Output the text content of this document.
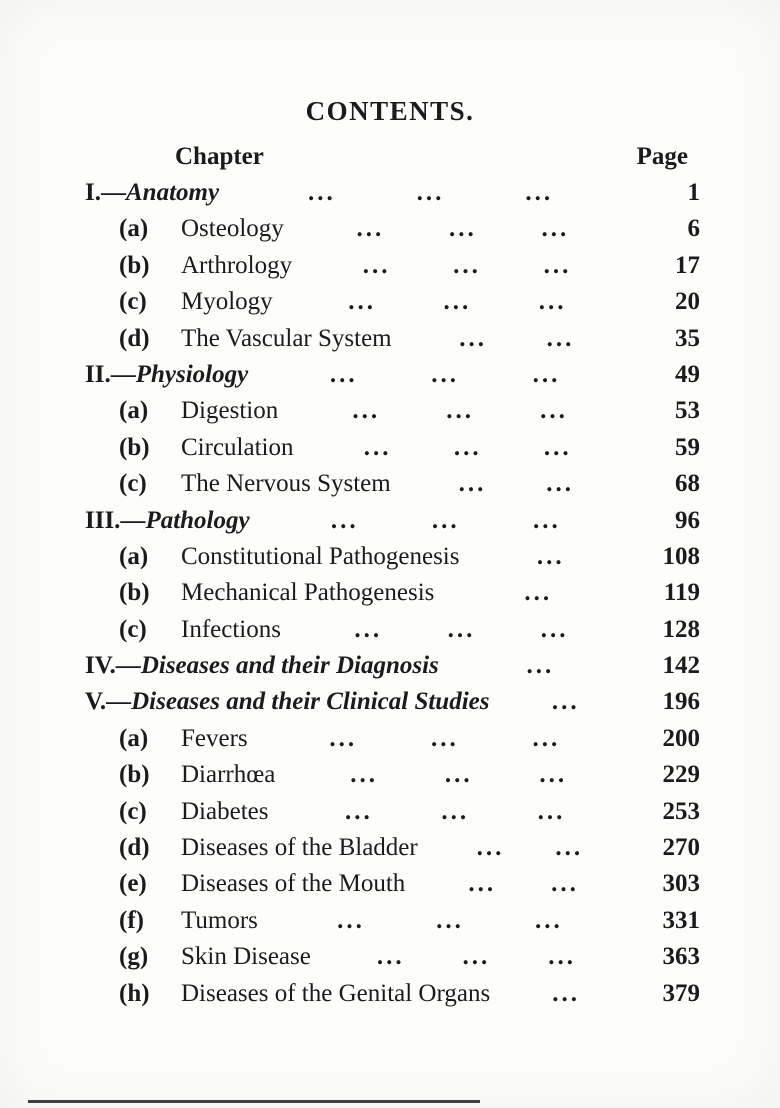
CONTENTS.
Chapter	Page
I.— Anatomy	...	...	...	1
(a)	Osteology	...	...	...	6
(b)	Arthrology	...	...	...	17
(c)	Myology	...	...	...	20
(d)	The Vascular System	... ...	35
II.— Physiology	...	...	...	49
(a)	Digestion	...	...	...	53
(b)	Circulation	... ... ...	59
(c)	The Nervous System	... ...	68
III.— Pathology	...	...	...	96
(a)	Constitutional Pathogenesis	...	108
(b)	Mechanical Pathogenesis	...	119
(c)	Infections	...	...	...	128
IV.— Diseases and their Diagnosis	...	142
V.— Diseases and their Clinical Studies ...	196
(a)	Fevers	...	...	...	200
(b)	Diarrhœa	...	...	...	229
(c)	Diabetes	...	...	...	253
(d)	Diseases of the Bladder ... ...	270
(e)	Diseases of the Mouth	... ...	303
(f)	Tumors	...	...	...	331
(g)	Skin Disease	... ... ...	363
(h)	Diseases of the Genital Organs ...	379
